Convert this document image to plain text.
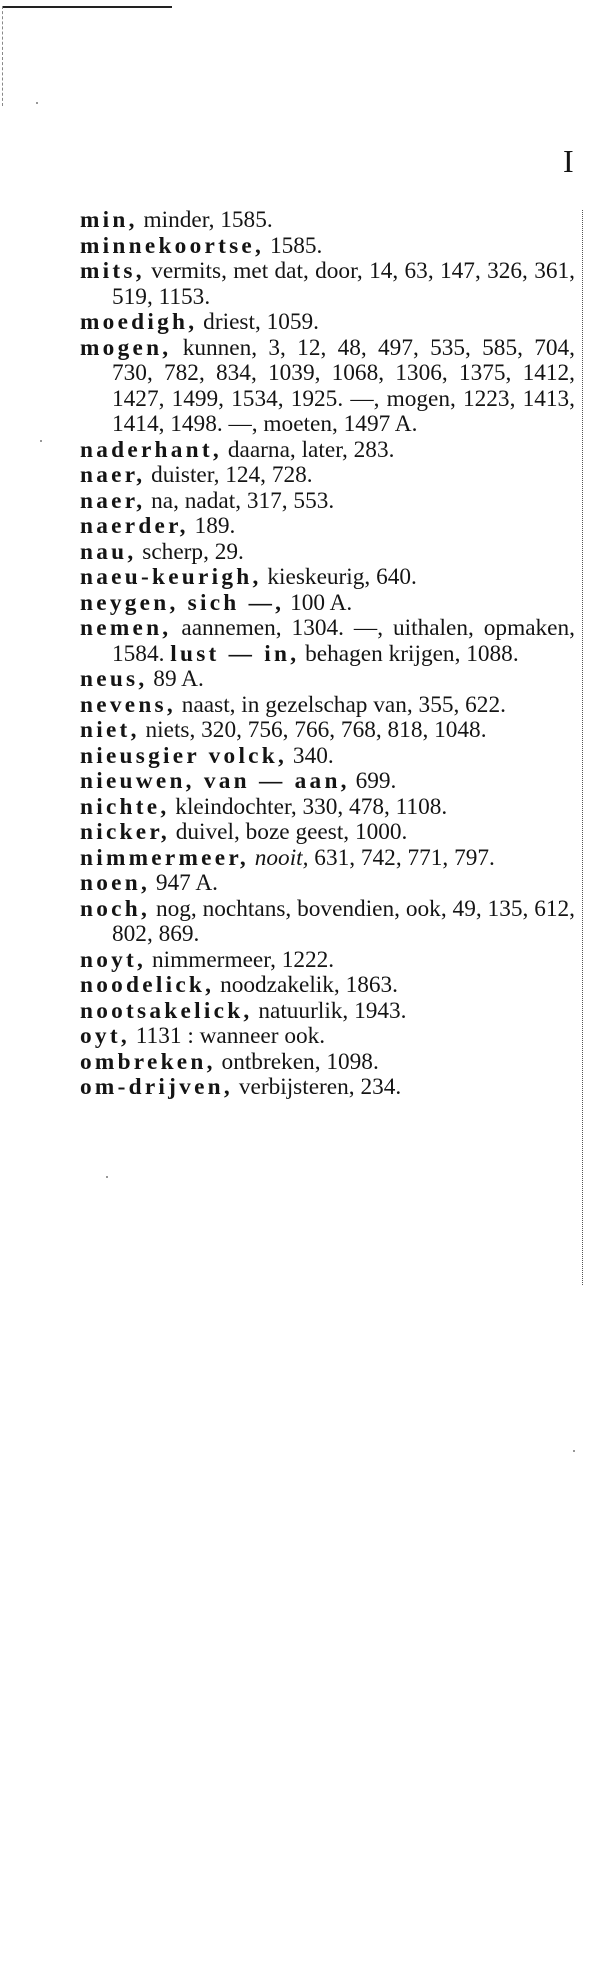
I
min, minder, 1585.
minnekoortse, 1585.
mits, vermits, met dat, door, 14, 63, 147, 326, 361, 519, 1153.
moedigh, driest, 1059.
mogen, kunnen, 3, 12, 48, 497, 535, 585, 704, 730, 782, 834, 1039, 1068, 1306, 1375, 1412, 1427, 1499, 1534, 1925. —, mogen, 1223, 1413, 1414, 1498. —, moeten, 1497 A.
naderhant, daarna, later, 283.
naer, duister, 124, 728.
naer, na, nadat, 317, 553.
naerder, 189.
nau, scherp, 29.
naeu-keurigh, kieskeurig, 640.
neygen, sich —, 100 A.
nemen, aannemen, 1304. —, uithalen, opmaken, 1584. lust — in, behagen krijgen, 1088.
neus, 89 A.
nevens, naast, in gezelschap van, 355, 622.
niet, niets, 320, 756, 766, 768, 818, 1048.
nieusgier volck, 340.
nieuwen, van — aan, 699.
nichte, kleindochter, 330, 478, 1108.
nicker, duivel, boze geest, 1000.
nimmermeer, nooit, 631, 742, 771, 797.
noen, 947 A.
noch, nog, nochtans, bovendien, ook, 49, 135, 612, 802, 869.
noyt, nimmermeer, 1222.
noodelick, noodzakelik, 1863.
nootsakelick, natuurlik, 1943.
oyt, 1131 : wanneer ook.
ombreken, ontbreken, 1098.
om-drijven, verbijsteren, 234.
